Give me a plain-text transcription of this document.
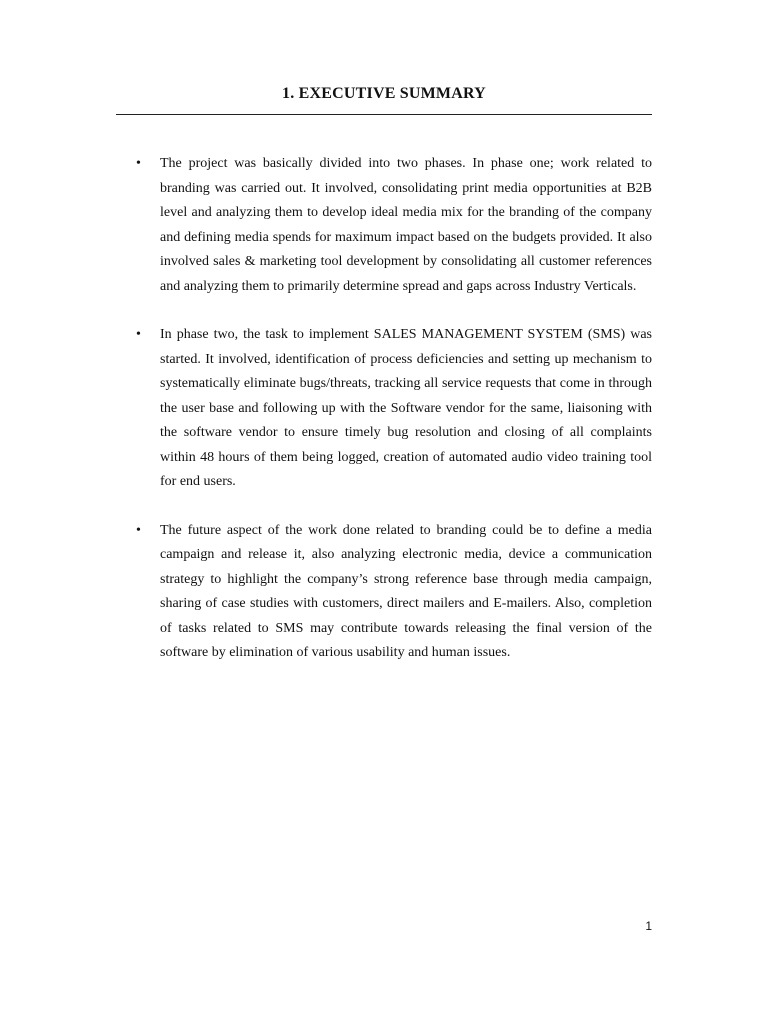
1. EXECUTIVE SUMMARY
•	The project was basically divided into two phases. In phase one; work related to branding was carried out. It involved, consolidating print media opportunities at B2B level and analyzing them to develop ideal media mix for the branding of the company and defining media spends for maximum impact based on the budgets provided. It also involved sales & marketing tool development by consolidating all customer references and analyzing them to primarily determine spread and gaps across Industry Verticals.
•	In phase two, the task to implement SALES MANAGEMENT SYSTEM (SMS) was started. It involved, identification of process deficiencies and setting up mechanism to systematically eliminate bugs/threats, tracking all service requests that come in through the user base and following up with the Software vendor for the same, liaisoning with the software vendor to ensure timely bug resolution and closing of all complaints within 48 hours of them being logged, creation of automated audio video training tool for end users.
•	The future aspect of the work done related to branding could be to define a media campaign and release it, also analyzing electronic media, device a communication strategy to highlight the company’s strong reference base through media campaign, sharing of case studies with customers, direct mailers and E-mailers. Also, completion of tasks related to SMS may contribute towards releasing the final version of the software by elimination of various usability and human issues.
1
